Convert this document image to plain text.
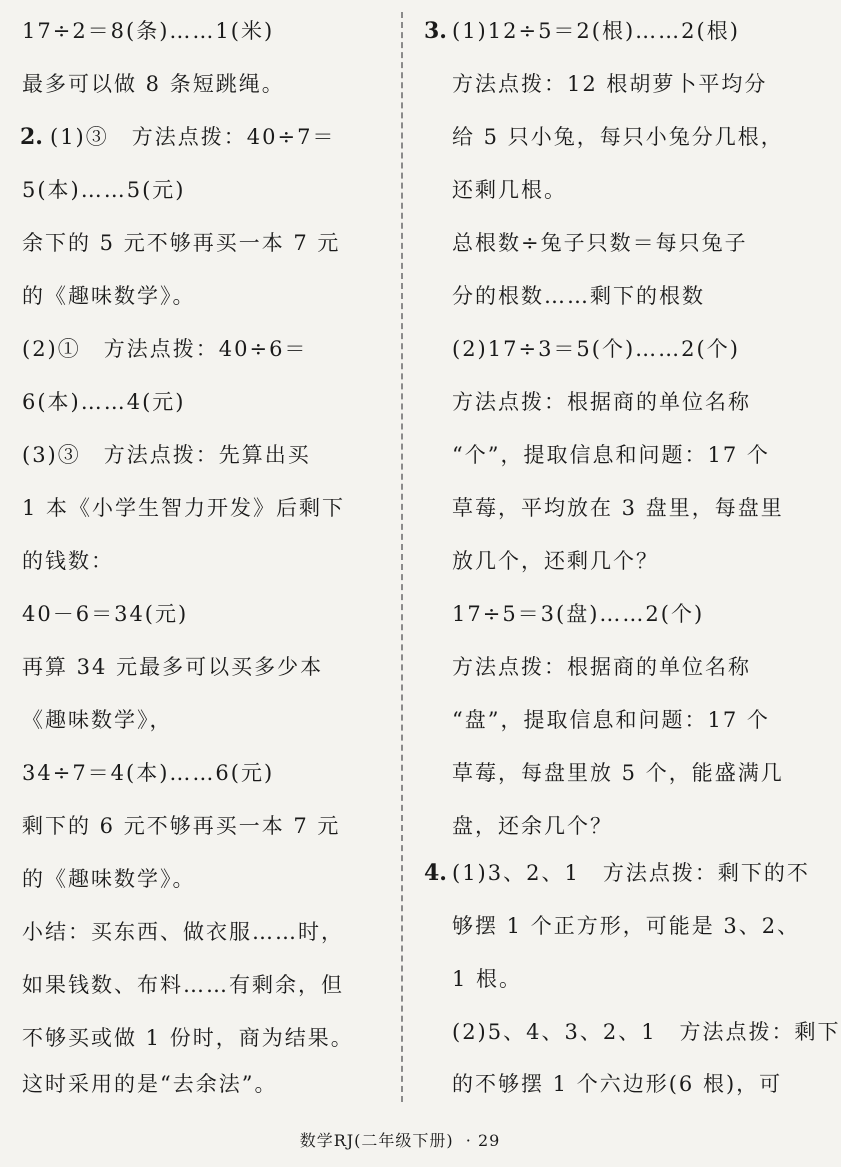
17÷2＝8(条)……1(米)
最多可以做 8 条短跳绳。
2. (1)③　方法点拨：40÷7＝
5(本)……5(元)
余下的 5 元不够再买一本 7 元
的《趣味数学》。
(2)①　方法点拨：40÷6＝
6(本)……4(元)
(3)③　方法点拨：先算出买
1 本《小学生智力开发》后剩下
的钱数：
40－6＝34(元)
再算 34 元最多可以买多少本
《趣味数学》，
34÷7＝4(本)……6(元)
剩下的 6 元不够再买一本 7 元
的《趣味数学》。
小结：买东西、做衣服……时，
如果钱数、布料……有剩余，但
不够买或做 1 份时，商为结果。
这时采用的是“去余法”。
3. (1)12÷5＝2(根)……2(根)
方法点拨：12 根胡萝卜平均分
给 5 只小兔，每只小兔分几根，
还剩几根。
总根数÷兔子只数＝每只兔子
分的根数……剩下的根数
(2)17÷3＝5(个)……2(个)
方法点拨：根据商的单位名称
“个”，提取信息和问题：17 个
草莓，平均放在 3 盘里，每盘里
放几个，还剩几个？
17÷5＝3(盘)……2(个)
方法点拨：根据商的单位名称
“盘”，提取信息和问题：17 个
草莓，每盘里放 5 个，能盛满几
盘，还余几个？
4. (1)3、2、1　方法点拨：剩下的不
够摆 1 个正方形，可能是 3、2、
1 根。
(2)5、4、3、2、1　方法点拨：剩下
的不够摆 1 个六边形(6 根)，可
数学RJ(二年级下册) · 29
